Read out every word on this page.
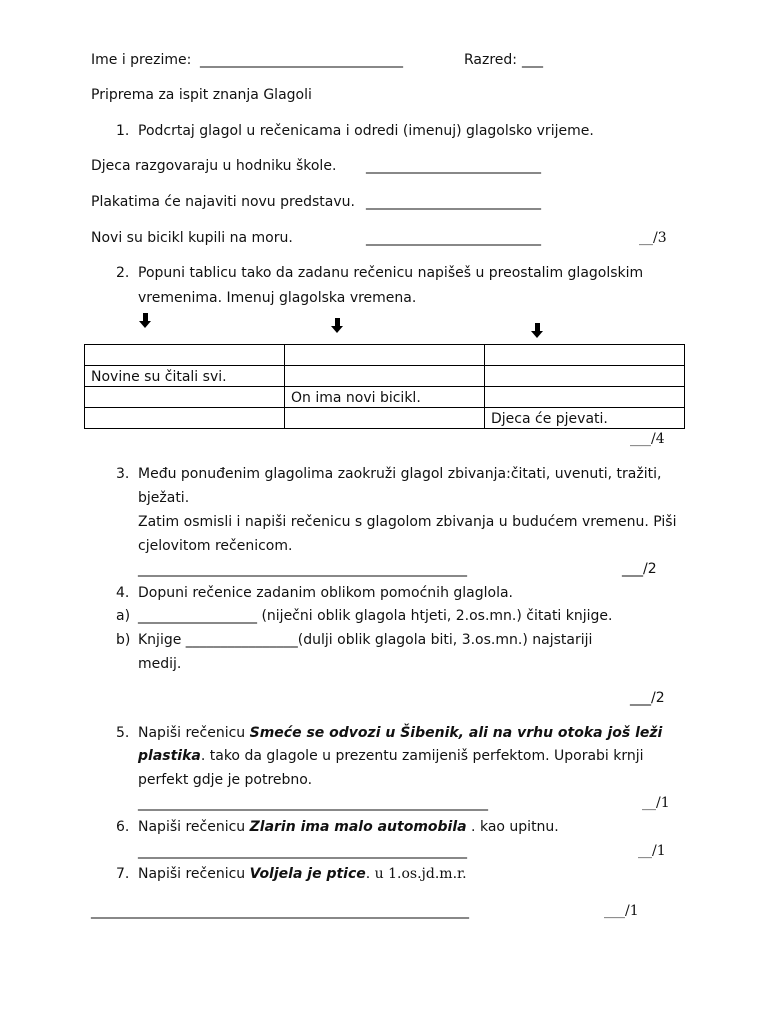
Ime i prezime: _____________________________	Razred: ___
Priprema za ispit znanja Glagoli
1. Podcrtaj glagol u rečenicama i odredi (imenuj) glagolsko vrijeme.
Djeca razgovaraju u hodniku škole. _________________________
Plakatima će najaviti novu predstavu. _________________________
Novi su bicikl kupili na moru.	_________________________	__/3
2. Popuni tablicu tako da zadanu rečenicu napišeš u preostalim glagolskim
vremenima. Imenuj glagolska vremena.

Novine su čitali svi.		
	On ima novi bicikl.	
		Djeca će pjevati.
___/4
3. Među ponuđenim glagolima zaokruži glagol zbivanja:čitati, uvenuti, tražiti,
bježati.
Zatim osmisli i napiši rečenicu s glagolom zbivanja u budućem vremenu. Piši
cjelovitom rečenicom.
_______________________________________________	___/2
4. Dopuni rečenice zadanim oblikom pomoćnih glaglola.
a) _________________ (niječni oblik glagola htjeti, 2.os.mn.) čitati knjige.
b) Knjige ________________(dulji oblik glagola biti, 3.os.mn.) najstariji
medij.
___/2
5. Napiši rečenicu Smeće se odvozi u Šibenik, ali na vrhu otoka još leži
plastika. tako da glagole u prezentu zamijeniš perfektom. Uporabi krnji
perfekt gdje je potrebno.
__________________________________________________	__/1
6. Napiši rečenicu Zlarin ima malo automobila . kao upitnu.
_______________________________________________	__/1
7. Napiši rečenicu Voljela je ptice. u 1.os.jd.m.r.
______________________________________________________	___/1
